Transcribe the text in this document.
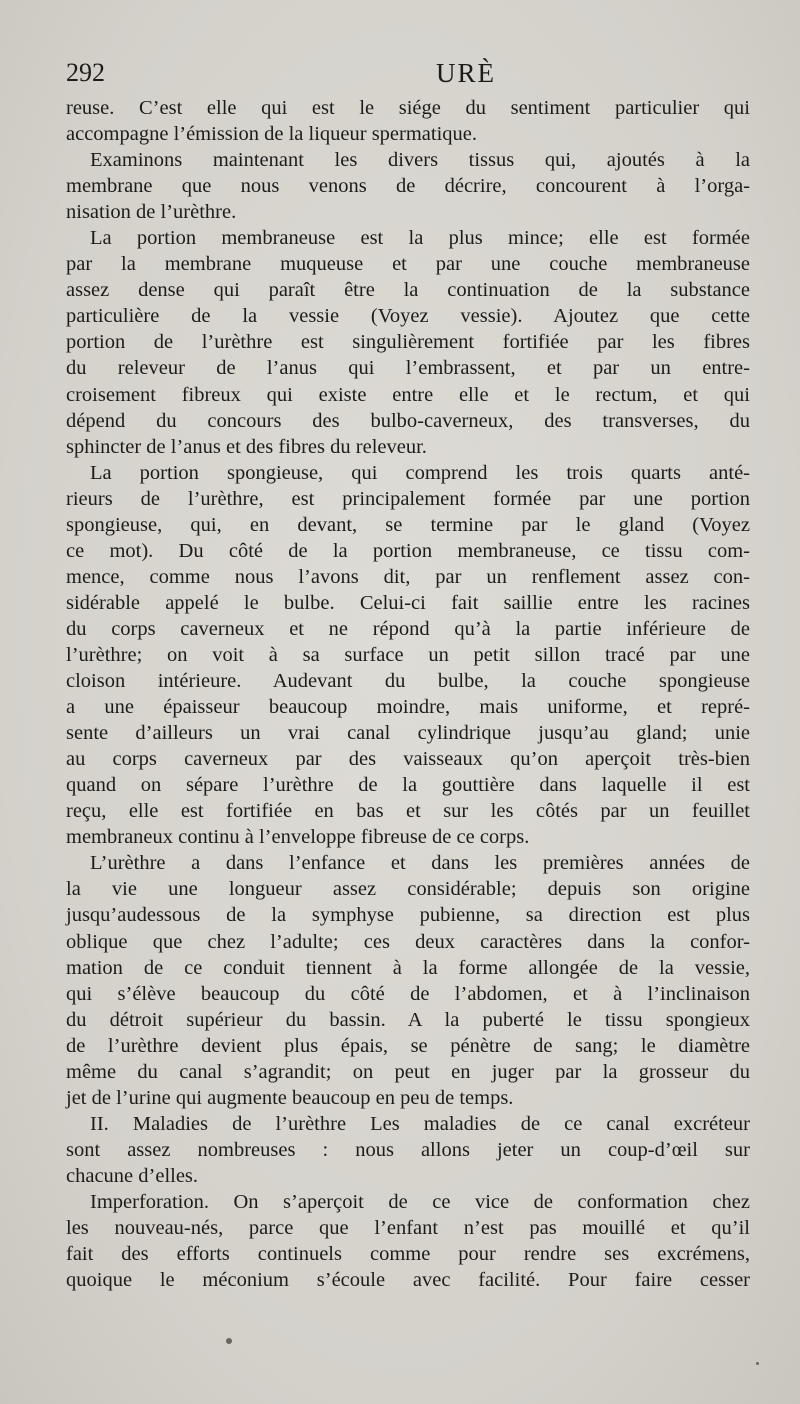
292	URÈ
reuse. C’est elle qui est le siége du sentiment particulier qui
accompagne l’émission de la liqueur spermatique.
Examinons maintenant les divers tissus qui, ajoutés à la
membrane que nous venons de décrire, concourent à l’orga-
nisation de l’urèthre.
La portion membraneuse est la plus mince; elle est formée
par la membrane muqueuse et par une couche membraneuse
assez dense qui paraît être la continuation de la substance
particulière de la vessie (Voyez vessie). Ajoutez que cette
portion de l’urèthre est singulièrement fortifiée par les fibres
du releveur de l’anus qui l’embrassent, et par un entre-
croisement fibreux qui existe entre elle et le rectum, et qui
dépend du concours des bulbo-caverneux, des transverses, du
sphincter de l’anus et des fibres du releveur.
La portion spongieuse, qui comprend les trois quarts anté-
rieurs de l’urèthre, est principalement formée par une portion
spongieuse, qui, en devant, se termine par le gland (Voyez
ce mot). Du côté de la portion membraneuse, ce tissu com-
mence, comme nous l’avons dit, par un renflement assez con-
sidérable appelé le bulbe. Celui-ci fait saillie entre les racines
du corps caverneux et ne répond qu’à la partie inférieure de
l’urèthre; on voit à sa surface un petit sillon tracé par une
cloison intérieure. Audevant du bulbe, la couche spongieuse
a une épaisseur beaucoup moindre, mais uniforme, et repré-
sente d’ailleurs un vrai canal cylindrique jusqu’au gland; unie
au corps caverneux par des vaisseaux qu’on aperçoit très-bien
quand on sépare l’urèthre de la gouttière dans laquelle il est
reçu, elle est fortifiée en bas et sur les côtés par un feuillet
membraneux continu à l’enveloppe fibreuse de ce corps.
L’urèthre a dans l’enfance et dans les premières années de
la vie une longueur assez considérable; depuis son origine
jusqu’audessous de la symphyse pubienne, sa direction est plus
oblique que chez l’adulte; ces deux caractères dans la confor-
mation de ce conduit tiennent à la forme allongée de la vessie,
qui s’élève beaucoup du côté de l’abdomen, et à l’inclinaison
du détroit supérieur du bassin. A la puberté le tissu spongieux
de l’urèthre devient plus épais, se pénètre de sang; le diamètre
même du canal s’agrandit; on peut en juger par la grosseur du
jet de l’urine qui augmente beaucoup en peu de temps.
II. Maladies de l’urèthre Les maladies de ce canal excréteur
sont assez nombreuses : nous allons jeter un coup-d’œil sur
chacune d’elles.
Imperforation. On s’aperçoit de ce vice de conformation chez
les nouveau-nés, parce que l’enfant n’est pas mouillé et qu’il
fait des efforts continuels comme pour rendre ses excrémens,
quoique le méconium s’écoule avec facilité. Pour faire cesser
